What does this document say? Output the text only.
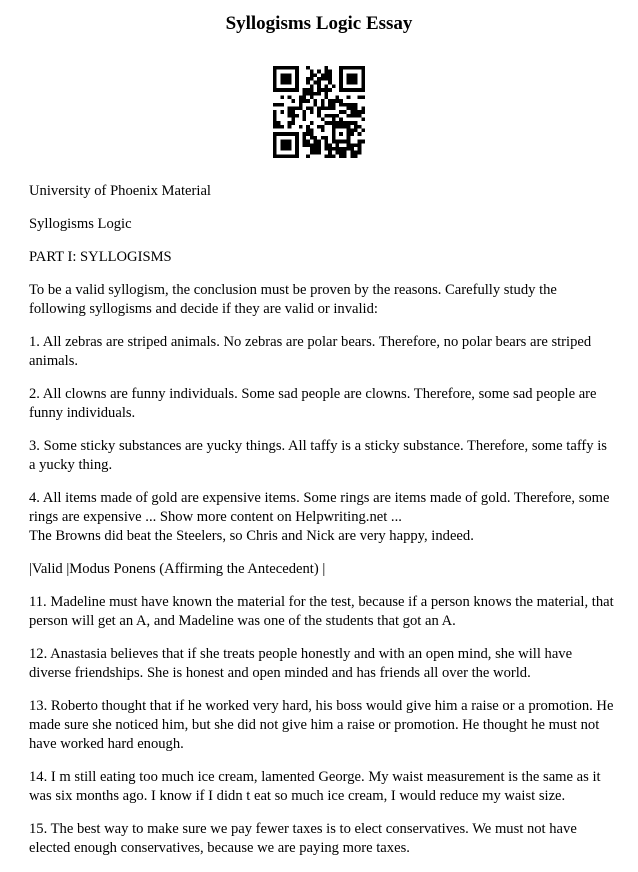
Syllogisms Logic Essay

University of Phoenix Material

Syllogisms Logic

PART I: SYLLOGISMS

To be a valid syllogism, the conclusion must be proven by the reasons. Carefully study the following syllogisms and decide if they are valid or invalid:

1. All zebras are striped animals. No zebras are polar bears. Therefore, no polar bears are striped animals.

2. All clowns are funny individuals. Some sad people are clowns. Therefore, some sad people are funny individuals.

3. Some sticky substances are yucky things. All taffy is a sticky substance. Therefore, some taffy is a yucky thing.

4. All items made of gold are expensive items. Some rings are items made of gold. Therefore, some rings are expensive ... Show more content on Helpwriting.net ...

The Browns did beat the Steelers, so Chris and Nick are very happy, indeed.

|Valid |Modus Ponens (Affirming the Antecedent) |

11. Madeline must have known the material for the test, because if a person knows the material, that person will get an A, and Madeline was one of the students that got an A.

12. Anastasia believes that if she treats people honestly and with an open mind, she will have diverse friendships. She is honest and open minded and has friends all over the world.

13. Roberto thought that if he worked very hard, his boss would give him a raise or a promotion. He made sure she noticed him, but she did not give him a raise or promotion. He thought he must not have worked hard enough.

14. I m still eating too much ice cream, lamented George. My waist measurement is the same as it was six months ago. I know if I didn t eat so much ice cream, I would reduce my waist size.

15. The best way to make sure we pay fewer taxes is to elect conservatives. We must not have elected enough conservatives, because we are paying more taxes.
